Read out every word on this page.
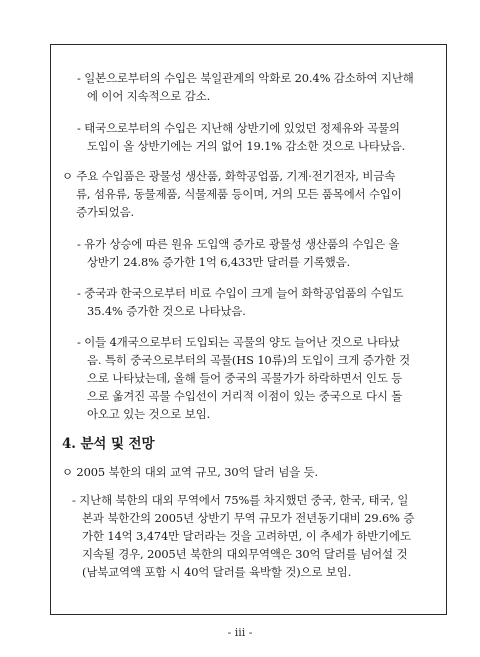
- 일본으로부터의 수입은 북일관계의 악화로 20.4% 감소하여 지난해
에 이어 지속적으로 감소.
- 태국으로부터의 수입은 지난해 상반기에 있었던 정제유와 곡물의
도입이 올 상반기에는 거의 없어 19.1% 감소한 것으로 나타났음.
ㅇ 주요 수입품은 광물성 생산품, 화학공업품, 기계·전기전자, 비금속
류, 섬유류, 동물제품, 식물제품 등이며, 거의 모든 품목에서 수입이
증가되었음.
- 유가 상승에 따른 원유 도입액 증가로 광물성 생산품의 수입은 올
상반기 24.8% 증가한 1억 6,433만 달러를 기록했음.
- 중국과 한국으로부터 비료 수입이 크게 늘어 화학공업품의 수입도
35.4% 증가한 것으로 나타났음.
- 이들 4개국으로부터 도입되는 곡물의 양도 늘어난 것으로 나타났
음. 특히 중국으로부터의 곡물(HS 10류)의 도입이 크게 증가한 것
으로 나타났는데, 올해 들어 중국의 곡물가가 하락하면서 인도 등
으로 옮겨진 곡물 수입선이 거리적 이점이 있는 중국으로 다시 돌
아오고 있는 것으로 보임.
4. 분석 및 전망
ㅇ 2005 북한의 대외 교역 규모, 30억 달러 넘을 듯.
- 지난해 북한의 대외 무역에서 75%를 차지했던 중국, 한국, 태국, 일
본과 북한간의 2005년 상반기 무역 규모가 전년동기대비 29.6% 증
가한 14억 3,474만 달러라는 것을 고려하면, 이 추세가 하반기에도
지속될 경우, 2005년 북한의 대외무역액은 30억 달러를 넘어설 것
(남북교역액 포함 시 40억 달러를 육박할 것)으로 보임.
- iii -
